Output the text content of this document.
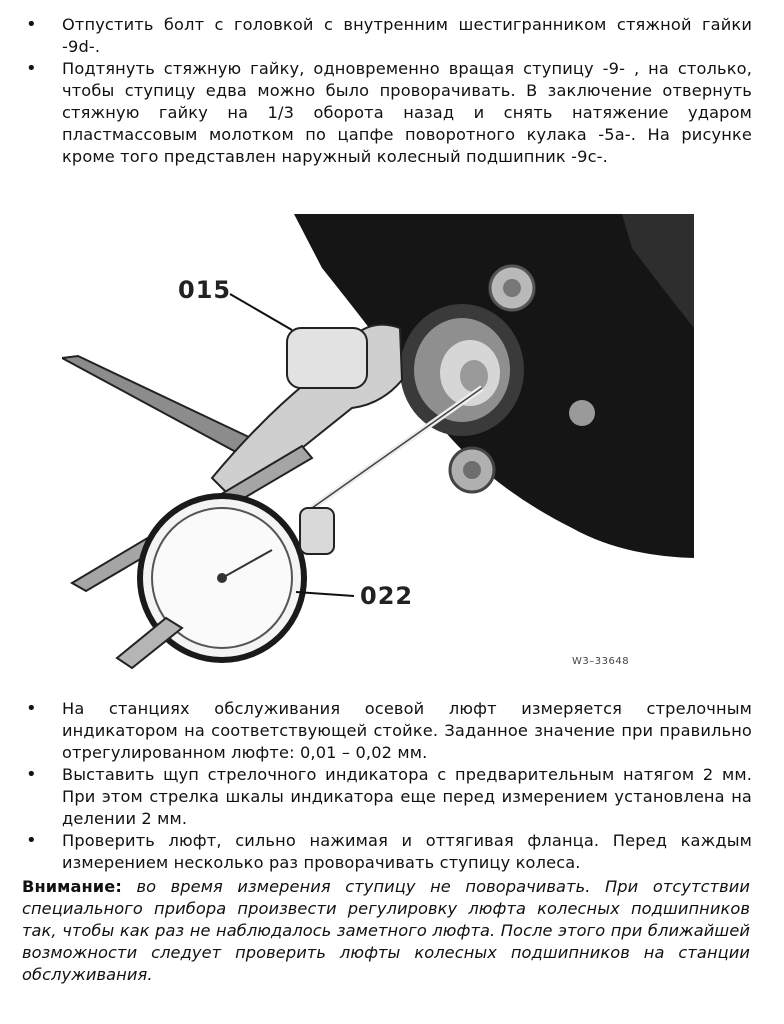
• Отпустить болт с головкой с внутренним шестигранником стяжной гайки -9d-.
• Подтянуть стяжную гайку, одновременно вращая ступицу -9- , на столько, чтобы ступицу едва можно было проворачивать. В заключение отвернуть стяжную гайку на 1/3 оборота назад и снять натяжение ударом пластмассовым молотком по цапфе поворотного кулака -5а-. На рисунке кроме того представлен наружный колесный подшипник -9с-.
015
022
W3–33648
• На станциях обслуживания осевой люфт измеряется стрелочным индикатором на соответствующей стойке. Заданное значение при правильно отрегулированном люфте: 0,01 – 0,02 мм.
• Выставить щуп стрелочного индикатора с предварительным натягом 2 мм. При этом стрелка шкалы индикатора еще перед измерением установлена на делении 2 мм.
• Проверить люфт, сильно нажимая и оттягивая фланца. Перед каждым измерением несколько раз проворачивать ступицу колеса.
Внимание: во время измерения ступицу не поворачивать. При отсутствии специального прибора произвести регулировку люфта колесных подшипников так, чтобы как раз не наблюдалось заметного люфта. После этого при ближайшей возможности следует проверить люфты колесных подшипников на станции обслуживания.
